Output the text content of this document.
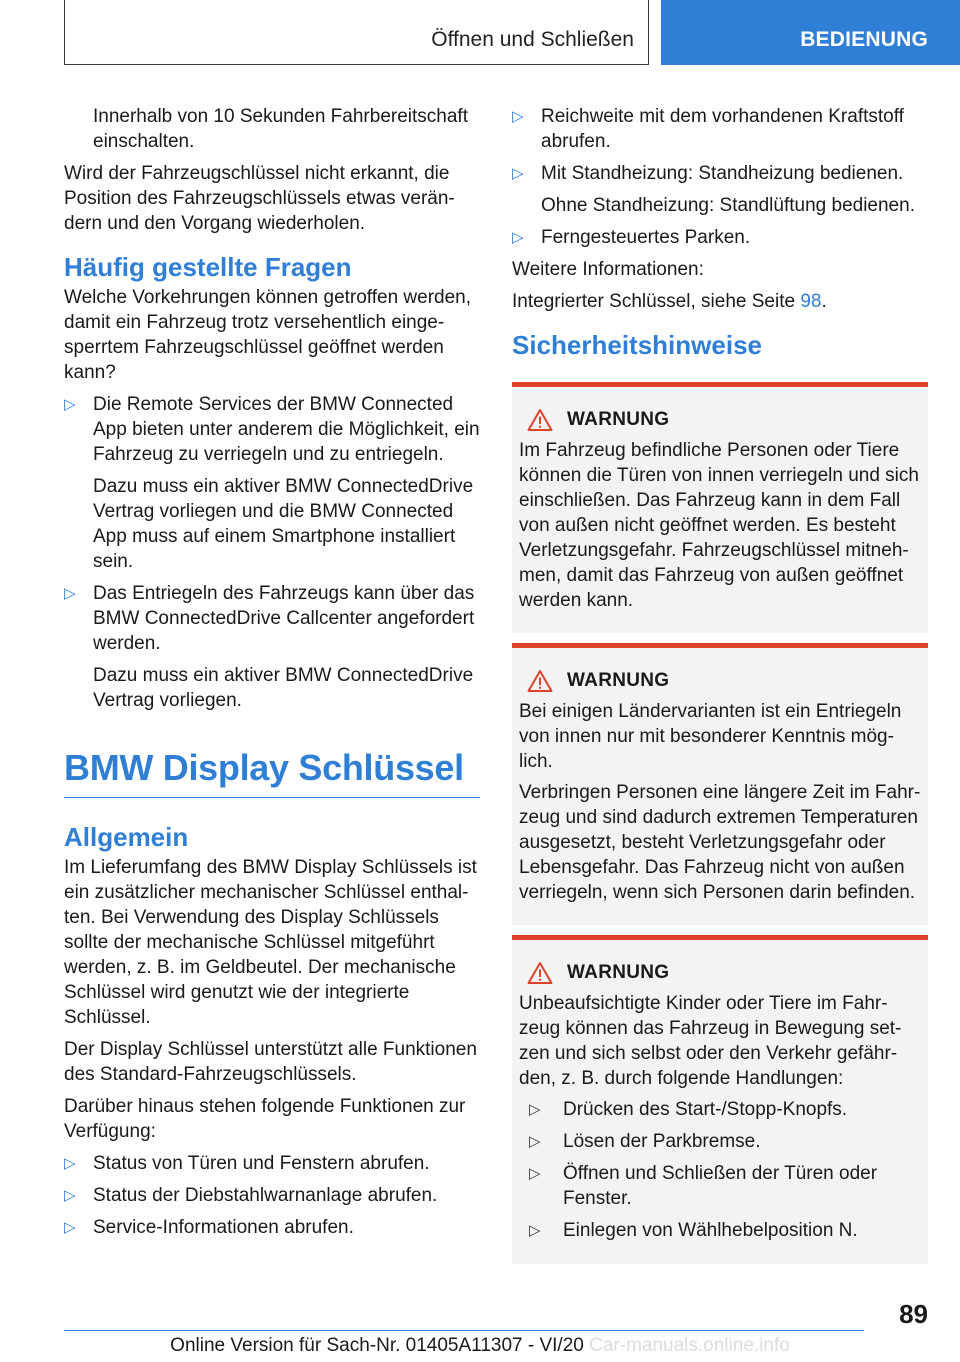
Öffnen und Schließen	BEDIENUNG

Innerhalb von 10 Sekunden Fahrbereitschaft einschalten.

Wird der Fahrzeugschlüssel nicht erkannt, die Position des Fahrzeugschlüssels etwas verändern und den Vorgang wiederholen.

Häufig gestellte Fragen

Welche Vorkehrungen können getroffen werden, damit ein Fahrzeug trotz versehentlich eingesperrtem Fahrzeugschlüssel geöffnet werden kann?

▷ Die Remote Services der BMW Connected App bieten unter anderem die Möglichkeit, ein Fahrzeug zu verriegeln und zu entriegeln.
Dazu muss ein aktiver BMW ConnectedDrive Vertrag vorliegen und die BMW Connected App muss auf einem Smartphone installiert sein.
▷ Das Entriegeln des Fahrzeugs kann über das BMW ConnectedDrive Callcenter angefordert werden.
Dazu muss ein aktiver BMW ConnectedDrive Vertrag vorliegen.
BMW Display Schlüssel
Allgemein

Im Lieferumfang des BMW Display Schlüssels ist ein zusätzlicher mechanischer Schlüssel enthalten. Bei Verwendung des Display Schlüssels sollte der mechanische Schlüssel mitgeführt werden, z. B. im Geldbeutel. Der mechanische Schlüssel wird genutzt wie der integrierte Schlüssel.

Der Display Schlüssel unterstützt alle Funktionen des Standard-Fahrzeugschlüssels.

Darüber hinaus stehen folgende Funktionen zur Verfügung:

▷ Status von Türen und Fenstern abrufen.
▷ Status der Diebstahlwarnanlage abrufen.
▷ Service-Informationen abrufen.
▷ Reichweite mit dem vorhandenen Kraftstoff abrufen.
▷ Mit Standheizung: Standheizung bedienen.
Ohne Standheizung: Standlüftung bedienen.
▷ Ferngesteuertes Parken.

Weitere Informationen:

Integrierter Schlüssel, siehe Seite 98.

Sicherheitshinweise
WARNUNG

Im Fahrzeug befindliche Personen oder Tiere können die Türen von innen verriegeln und sich einschließen. Das Fahrzeug kann in dem Fall von außen nicht geöffnet werden. Es besteht Verletzungsgefahr. Fahrzeugschlüssel mitnehmen, damit das Fahrzeug von außen geöffnet werden kann.

WARNUNG

Bei einigen Ländervarianten ist ein Entriegeln von innen nur mit besonderer Kenntnis möglich.

Verbringen Personen eine längere Zeit im Fahrzeug und sind dadurch extremen Temperaturen ausgesetzt, besteht Verletzungsgefahr oder Lebensgefahr. Das Fahrzeug nicht von außen verriegeln, wenn sich Personen darin befinden.

WARNUNG

Unbeaufsichtigte Kinder oder Tiere im Fahrzeug können das Fahrzeug in Bewegung setzen und sich selbst oder den Verkehr gefährden, z. B. durch folgende Handlungen:

▷ Drücken des Start-/Stopp-Knopfs.
▷ Lösen der Parkbremse.
▷ Öffnen und Schließen der Türen oder Fenster.
▷ Einlegen von Wählhebelposition N.
89
Online Version für Sach-Nr. 01405A11307 - VI/20 Car-manuals.online.info
